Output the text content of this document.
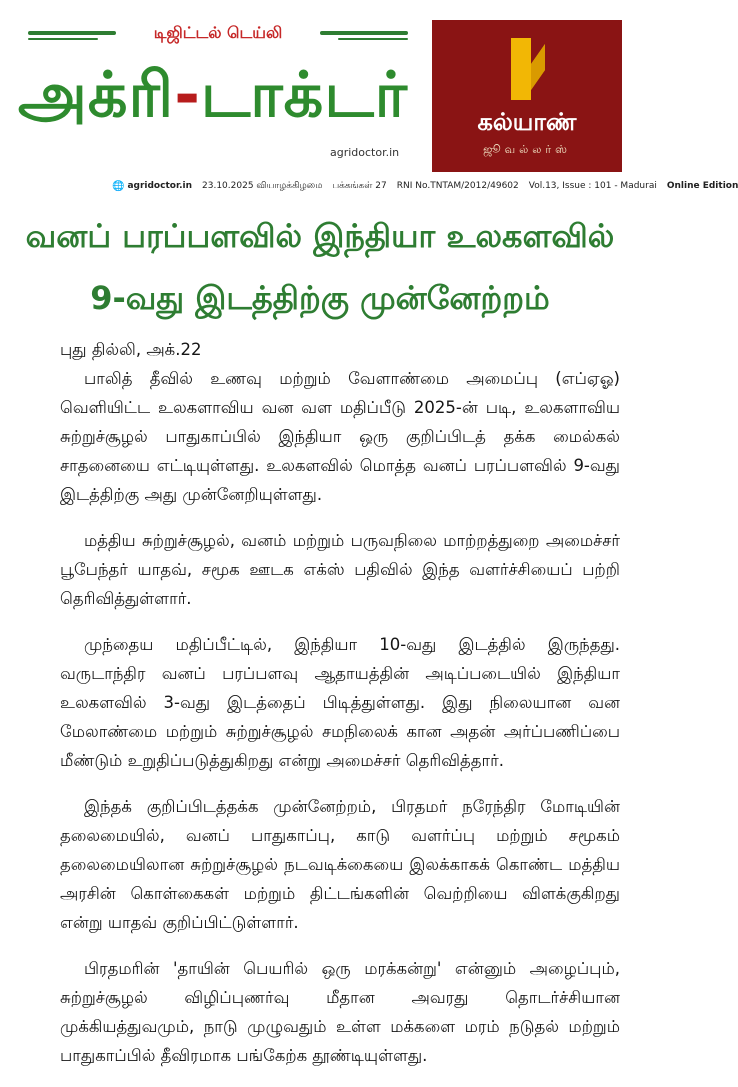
டிஜிட்டல் டெய்லி
அக்ரி-டாக்டர்
agridoctor.in
கல்யாண்
ஜூவல்லர்ஸ்
🌐 agridoctor.in 23.10.2025 வியாழக்கிழமை பக்கங்கள் 27 RNI No.TNTAM/2012/49602 Vol.13, Issue : 101 - Madurai Online Edition
வனப் பரப்பளவில் இந்தியா உலகளவில்
9-வது இடத்திற்கு முன்னேற்றம்

புது தில்லி, அக்.22

பாலித் தீவில் உணவு மற்றும் வேளாண்மை அமைப்பு (எப்ஏஓ) வெளியிட்ட உலகளாவிய வன வள மதிப்பீடு 2025-ன் படி, உலகளாவிய சுற்றுச்சூழல் பாதுகாப்பில் இந்தியா ஒரு குறிப்பிடத் தக்க மைல்கல் சாதனையை எட்டியுள்ளது. உலகளவில் மொத்த வனப் பரப்பளவில் 9-வது இடத்திற்கு அது முன்னேறியுள்ளது.

மத்திய சுற்றுச்சூழல், வனம் மற்றும் பருவநிலை மாற்றத்துறை அமைச்சர் பூபேந்தர் யாதவ், சமூக ஊடக எக்ஸ் பதிவில் இந்த வளர்ச்சியைப் பற்றி தெரிவித்துள்ளார்.

முந்தைய மதிப்பீட்டில், இந்தியா 10-வது இடத்தில் இருந்தது. வருடாந்திர வனப் பரப்பளவு ஆதாயத்தின் அடிப்படையில் இந்தியா உலகளவில் 3-வது இடத்தைப் பிடித்துள்ளது. இது நிலையான வன மேலாண்மை மற்றும் சுற்றுச்சூழல் சமநிலைக் கான அதன் அர்ப்பணிப்பை மீண்டும் உறுதிப்படுத்துகிறது என்று அமைச்சர் தெரிவித்தார்.

இந்தக் குறிப்பிடத்தக்க முன்னேற்றம், பிரதமர் நரேந்திர மோடியின் தலைமையில், வனப் பாதுகாப்பு, காடு வளர்ப்பு மற்றும் சமூகம் தலைமையிலான சுற்றுச்சூழல் நடவடிக்கையை இலக்காகக் கொண்ட மத்திய அரசின் கொள்கைகள் மற்றும் திட்டங்களின் வெற்றியை விளக்குகிறது என்று யாதவ் குறிப்பிட்டுள்ளார்.

பிரதமரின் 'தாயின் பெயரில் ஒரு மரக்கன்று' என்னும் அழைப்பும், சுற்றுச்சூழல் விழிப்புணர்வு மீதான அவரது தொடர்ச்சியான முக்கியத்துவமும், நாடு முழுவதும் உள்ள மக்களை மரம் நடுதல் மற்றும் பாதுகாப்பில் தீவிரமாக பங்கேற்க தூண்டியுள்ளது.
